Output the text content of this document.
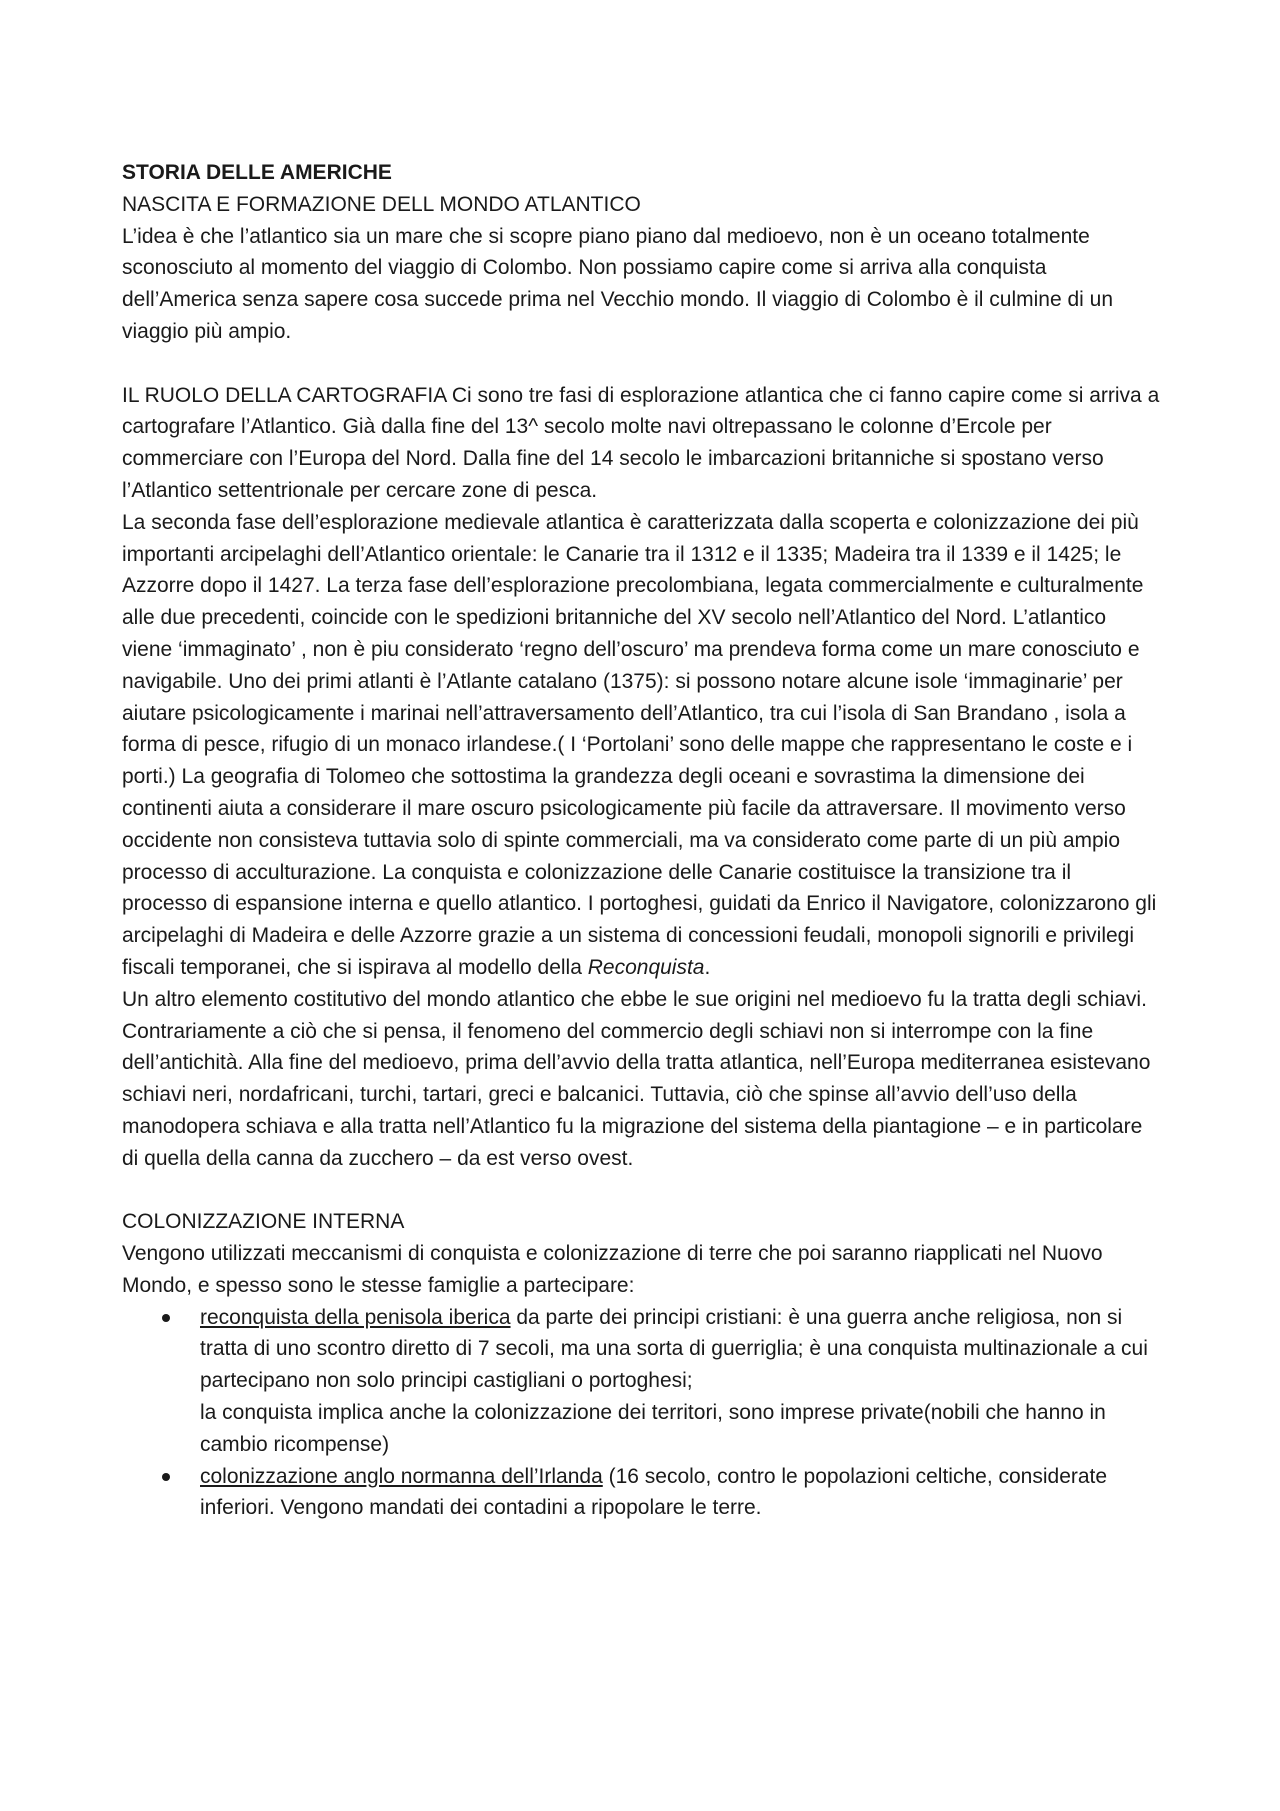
STORIA DELLE AMERICHE

NASCITA E FORMAZIONE DELL MONDO ATLANTICO

L’idea è che l’atlantico sia un mare che si scopre piano piano dal medioevo, non è un oceano totalmente sconosciuto al momento del viaggio di Colombo. Non possiamo capire come si arriva alla conquista dell’America senza sapere cosa succede prima nel Vecchio mondo. Il viaggio di Colombo è il culmine di un viaggio più ampio.

IL RUOLO DELLA CARTOGRAFIA Ci sono tre fasi di esplorazione atlantica che ci fanno capire come si arriva a cartografare l’Atlantico. Già dalla fine del 13^ secolo molte navi oltrepassano le colonne d’Ercole per commerciare con l’Europa del Nord. Dalla fine del 14 secolo le imbarcazioni britanniche si spostano verso l’Atlantico settentrionale per cercare zone di pesca.

La seconda fase dell’esplorazione medievale atlantica è caratterizzata dalla scoperta e colonizzazione dei più importanti arcipelaghi dell’Atlantico orientale: le Canarie tra il 1312 e il 1335; Madeira tra il 1339 e il 1425; le Azzorre dopo il 1427. La terza fase dell’esplorazione precolombiana, legata commercialmente e culturalmente alle due precedenti, coincide con le spedizioni britanniche del XV secolo nell’Atlantico del Nord. L’atlantico viene ‘immaginato’ , non è piu considerato ‘regno dell’oscuro’ ma prendeva forma come un mare conosciuto e navigabile. Uno dei primi atlanti è l’Atlante catalano (1375): si possono notare alcune isole ‘immaginarie’ per aiutare psicologicamente i marinai nell’attraversamento dell’Atlantico, tra cui l’isola di San Brandano , isola a forma di pesce, rifugio di un monaco irlandese.( I ‘Portolani’ sono delle mappe che rappresentano le coste e i porti.) La geografia di Tolomeo che sottostima la grandezza degli oceani e sovrastima la dimensione dei continenti aiuta a considerare il mare oscuro psicologicamente più facile da attraversare. Il movimento verso occidente non consisteva tuttavia solo di spinte commerciali, ma va considerato come parte di un più ampio processo di acculturazione. La conquista e colonizzazione delle Canarie costituisce la transizione tra il processo di espansione interna e quello atlantico. I portoghesi, guidati da Enrico il Navigatore, colonizzarono gli arcipelaghi di Madeira e delle Azzorre grazie a un sistema di concessioni feudali, monopoli signorili e privilegi fiscali temporanei, che si ispirava al modello della Reconquista.

Un altro elemento costitutivo del mondo atlantico che ebbe le sue origini nel medioevo fu la tratta degli schiavi. Contrariamente a ciò che si pensa, il fenomeno del commercio degli schiavi non si interrompe con la fine dell’antichità. Alla fine del medioevo, prima dell’avvio della tratta atlantica, nell’Europa mediterranea esistevano schiavi neri, nordafricani, turchi, tartari, greci e balcanici. Tuttavia, ciò che spinse all’avvio dell’uso della manodopera schiava e alla tratta nell’Atlantico fu la migrazione del sistema della piantagione – e in particolare di quella della canna da zucchero – da est verso ovest.

COLONIZZAZIONE INTERNA

Vengono utilizzati meccanismi di conquista e colonizzazione di terre che poi saranno riapplicati nel Nuovo Mondo, e spesso sono le stesse famiglie a partecipare:

reconquista della penisola iberica da parte dei principi cristiani: è una guerra anche religiosa, non si tratta di uno scontro diretto di 7 secoli, ma una sorta di guerriglia; è una conquista multinazionale a cui partecipano non solo principi castigliani o portoghesi;
la conquista implica anche la colonizzazione dei territori, sono imprese private(nobili che hanno in cambio ricompense)
colonizzazione anglo normanna dell’Irlanda (16 secolo, contro le popolazioni celtiche, considerate inferiori. Vengono mandati dei contadini a ripopolare le terre.
